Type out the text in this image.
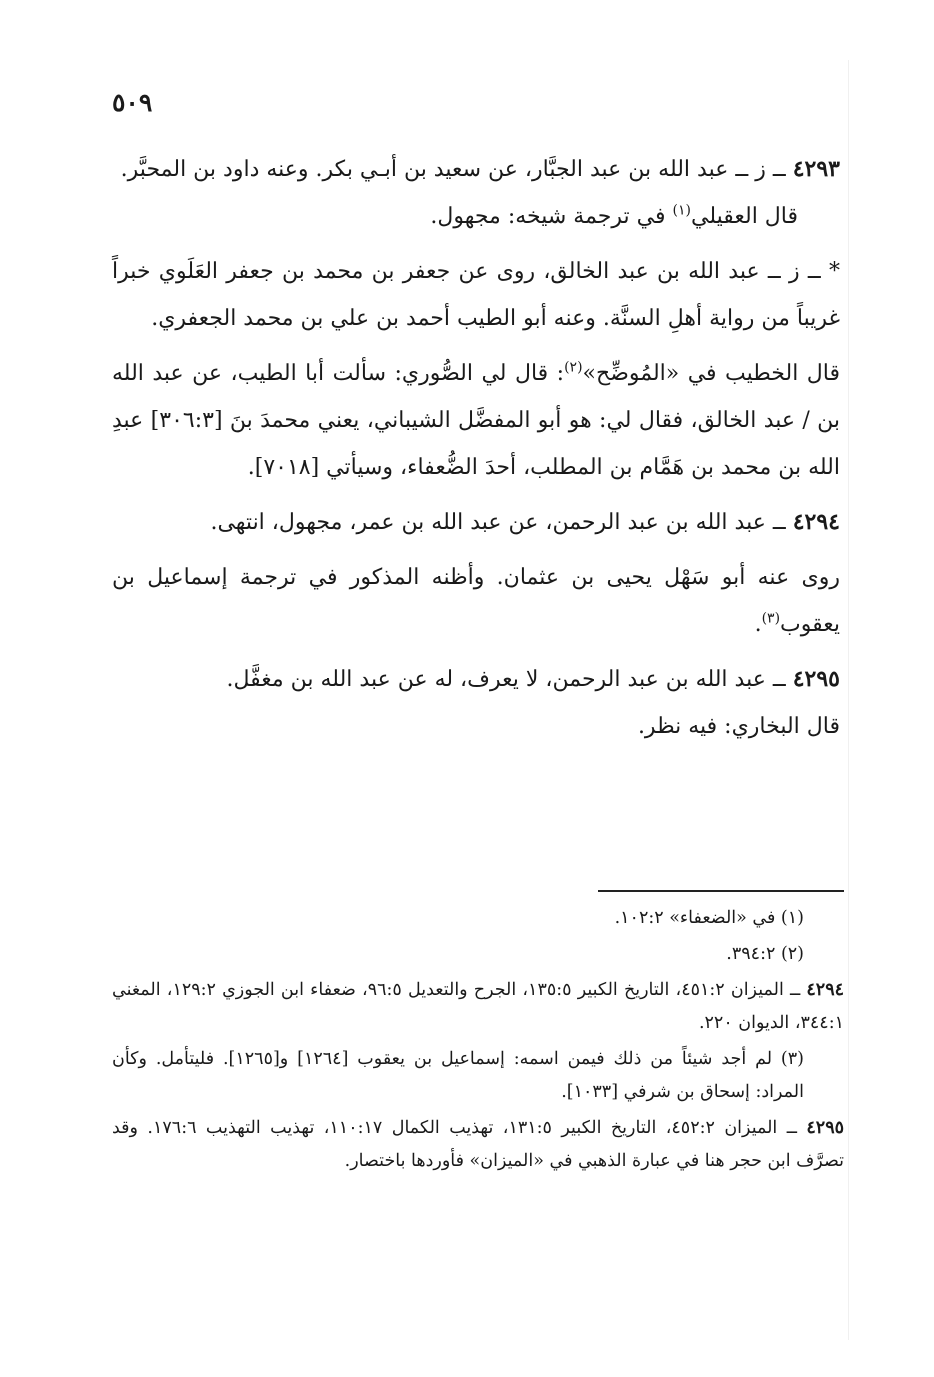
٥٠٩

٤٢٩٣ ــ ز ــ عبد الله بن عبد الجبَّار، عن سعيد بن أبـي بكر. وعنه داود بن المحبَّر.

قال العقيلي$^{(١)}$ في ترجمة شيخه: مجهول.

* ــ ز ــ عبد الله بن عبد الخالق، روى عن جعفر بن محمد بن جعفر العَلَوي خبراً غريباً من رواية أهلِ السنَّة. وعنه أبو الطيب أحمد بن علي بن محمد الجعفري.

قال الخطيب في «المُوضِّح»$^{(٢)}$: قال لي الصُّوري: سألت أبا الطيب، عن عبد الله بن / عبد الخالق، فقال لي: هو أبو المفضَّل الشيباني، يعني محمدَ بنَ [٣٠٦:٣] عبدِ الله بن محمد بن هَمَّام بن المطلب، أحدَ الضُّعفاء، وسيأتي [٧٠١٨].

٤٢٩٤ ــ عبد الله بن عبد الرحمن، عن عبد الله بن عمر، مجهول، انتهى.

روى عنه أبو سَهْل يحيى بن عثمان. وأظنه المذكور في ترجمة إسماعيل بن يعقوب$^{(٣)}$.

٤٢٩٥ ــ عبد الله بن عبد الرحمن، لا يعرف، له عن عبد الله بن مغفَّل.

قال البخاري: فيه نظر.

(١) في «الضعفاء» ١٠٢:٢.

(٢) ٣٩٤:٢.

٤٢٩٤ ــ الميزان ٤٥١:٢، التاريخ الكبير ١٣٥:٥، الجرح والتعديل ٩٦:٥، ضعفاء ابن الجوزي ١٢٩:٢، المغني ٣٤٤:١، الديوان ٢٢٠.

(٣) لم أجد شيئاً من ذلك فيمن اسمه: إسماعيل بن يعقوب [١٢٦٤] و[١٢٦٥]. فليتأمل. وكأن المراد: إسحاق بن شرفي [١٠٣٣].

٤٢٩٥ ــ الميزان ٤٥٢:٢، التاريخ الكبير ١٣١:٥، تهذيب الكمال ١١٠:١٧، تهذيب التهذيب ١٧٦:٦. وقد تصرَّف ابن حجر هنا في عبارة الذهبي في «الميزان» فأوردها باختصار.
